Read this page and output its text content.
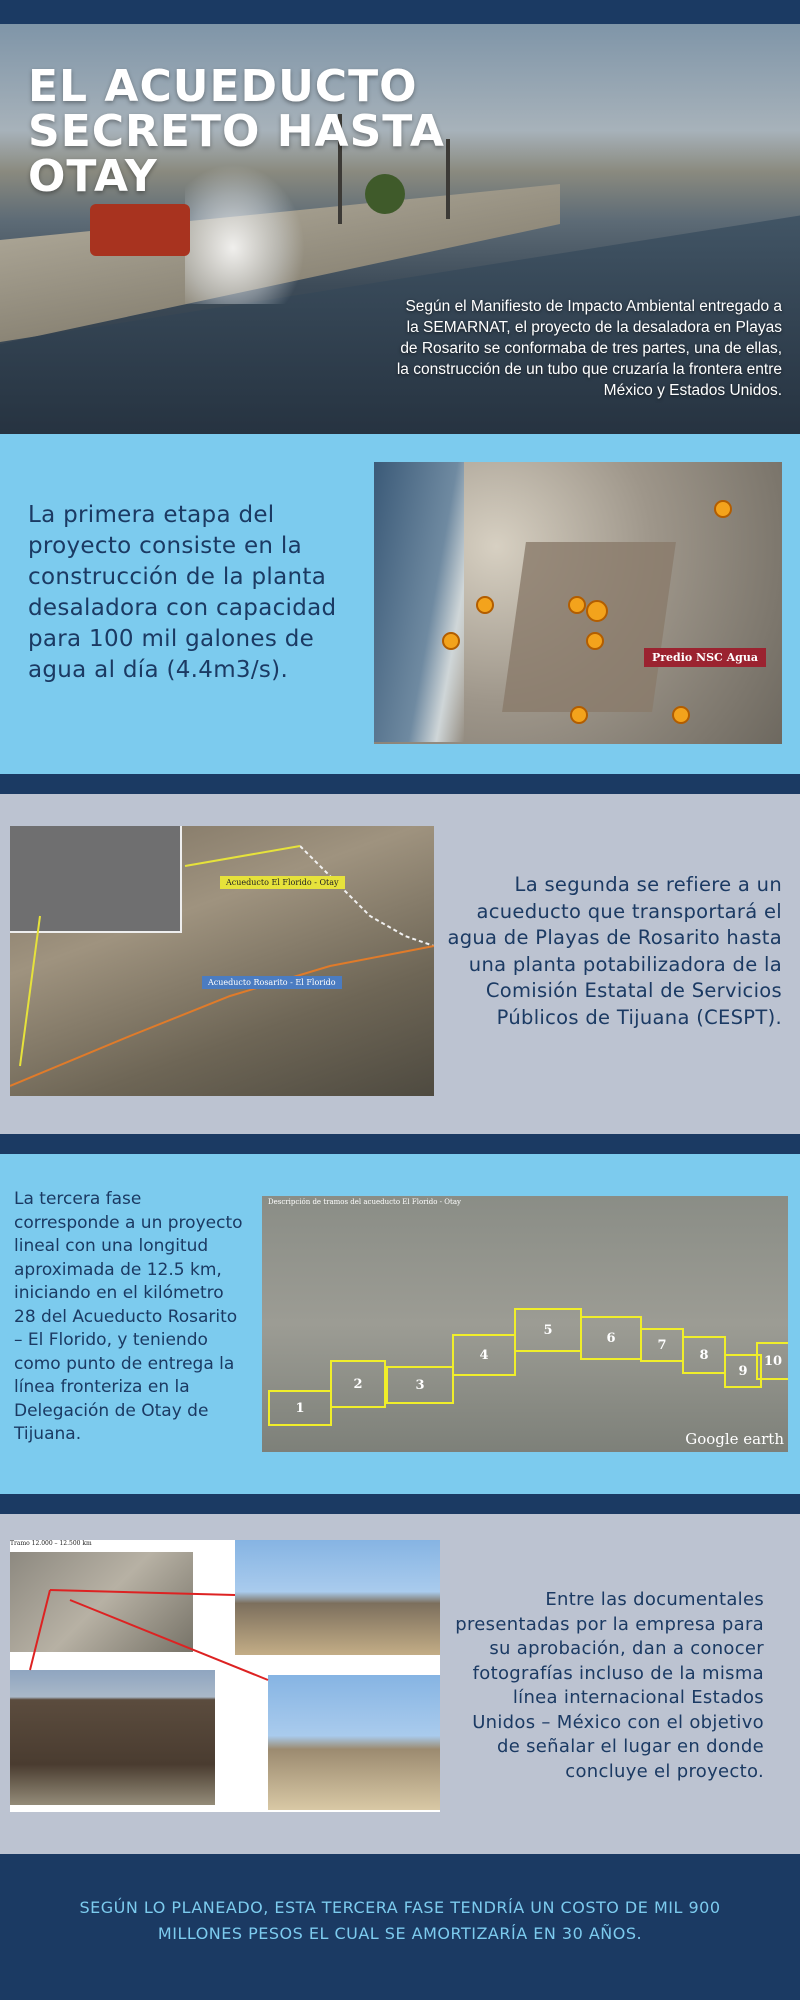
EL ACUEDUCTO SECRETO HASTA OTAY

Según el Manifiesto de Impacto Ambiental entregado a la SEMARNAT, el proyecto de la desaladora en Playas de Rosarito se conformaba de tres partes, una de ellas, la construcción de un tubo que cruzaría la frontera entre México y Estados Unidos.

La primera etapa del proyecto consiste en la construcción de la planta desaladora con capacidad para 100 mil galones de agua al día (4.4m3/s).	Predio NSC Agua
Acueducto El Florido - Otay
Acueducto Rosarito - El Florido

La segunda se refiere a un acueducto que transportará el agua de Playas de Rosarito hasta una planta potabilizadora de la Comisión Estatal de Servicios Públicos de Tijuana (CESPT).

La tercera fase corresponde a un proyecto lineal con una longitud aproximada de 12.5 km, iniciando en el kilómetro 28 del Acueducto Rosarito – El Florido, y teniendo como punto de entrega la línea fronteriza en la Delegación de Otay de Tijuana.

Descripción de tramos del acueducto El Florido - Otay
1
2	3
4
5
6	7
8
9
10
Google earth
Tramo 12.000 – 12.500 km

Entre las documentales presentadas por la empresa para su aprobación, dan a conocer fotografías incluso de la misma línea internacional Estados Unidos – México con el objetivo de señalar el lugar en donde concluye el proyecto.

SEGÚN LO PLANEADO, ESTA TERCERA FASE TENDRÍA UN COSTO DE MIL 900 MILLONES PESOS EL CUAL SE AMORTIZARÍA EN 30 AÑOS.
